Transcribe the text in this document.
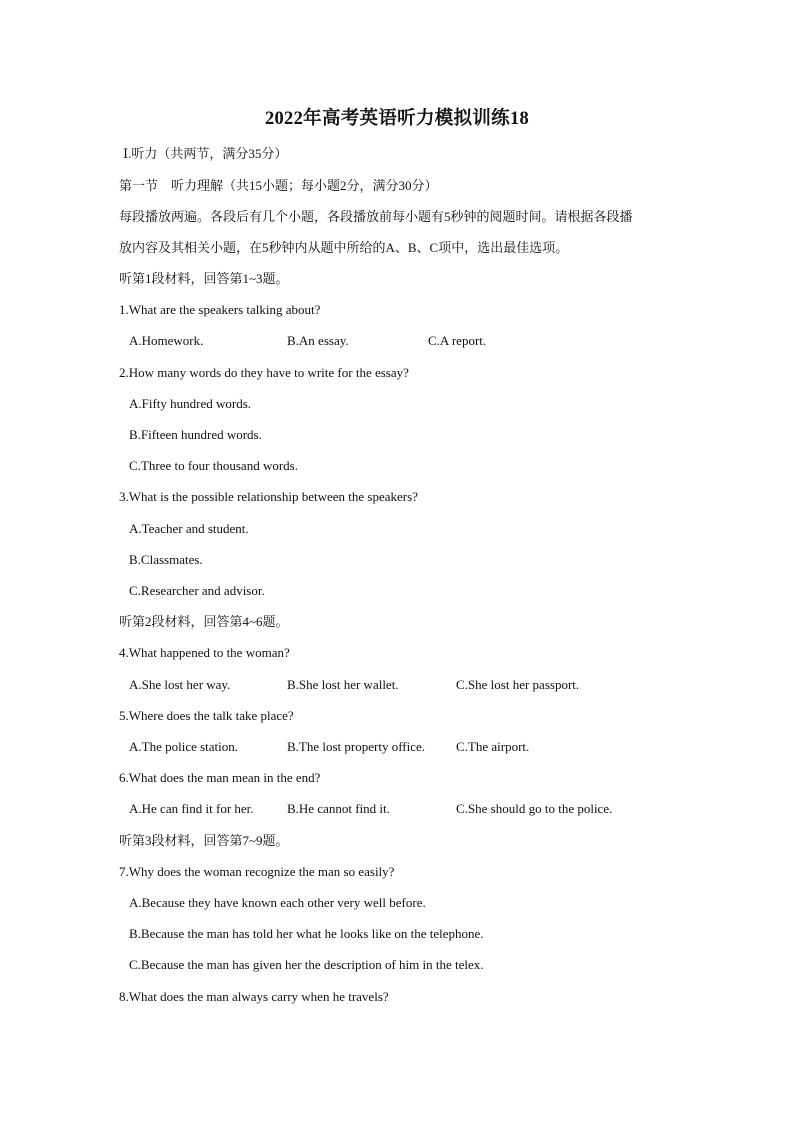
2022年高考英语听力模拟训练18
Ⅰ.听力（共两节，满分35分）
第一节　听力理解（共15小题；每小题2分，满分30分）
每段播放两遍。各段后有几个小题，各段播放前每小题有5秒钟的阅题时间。请根据各段播
放内容及其相关小题，在5秒钟内从题中所给的A、B、C项中，选出最佳选项。
听第1段材料，回答第1~3题。
1.What are the speakers talking about?
A.Homework.	B.An essay.	C.A report.
2.How many words do they have to write for the essay?
A.Fifty hundred words.
B.Fifteen hundred words.
C.Three to four thousand words.
3.What is the possible relationship between the speakers?
A.Teacher and student.
B.Classmates.
C.Researcher and advisor.
听第2段材料，回答第4~6题。
4.What happened to the woman?
A.She lost her way.	B.She lost her wallet.	C.She lost her passport.
5.Where does the talk take place?
A.The police station.	B.The lost property office. C.The airport.
6.What does the man mean in the end?
A.He can find it for her.	B.He cannot find it.	C.She should go to the police.
听第3段材料，回答第7~9题。
7.Why does the woman recognize the man so easily?
A.Because they have known each other very well before.
B.Because the man has told her what he looks like on the telephone.
C.Because the man has given her the description of him in the telex.
8.What does the man always carry when he travels?
